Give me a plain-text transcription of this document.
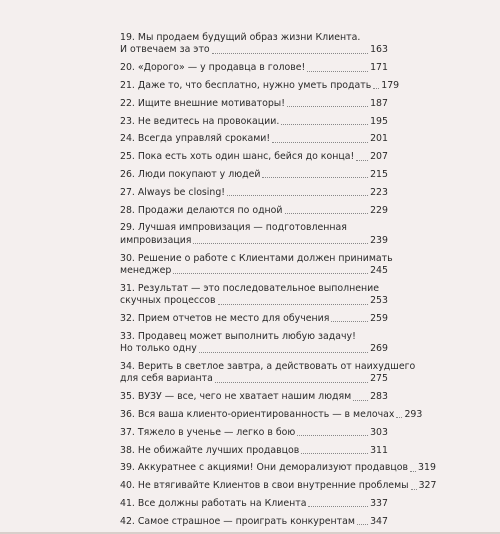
19. Мы продаем будущий образ жизни Клиента.
И отвечаем за это	163
20. «Дорого» — у продавца в голове!	171
21. Даже то, что бесплатно, нужно уметь продать 179
22. Ищите внешние мотиваторы!	187
23. Не ведитесь на провокации.	195
24. Всегда управляй сроками!	201
25. Пока есть хоть один шанс, бейся до конца! 207
26. Люди покупают у людей	215
27. Always be closing!	223
28. Продажи делаются по одной	229
29. Лучшая импровизация — подготовленная
импровизация	239
30. Решение о работе с Клиентами должен принимать
менеджер	245
31. Результат — это последовательное выполнение
скучных процессов	253
32. Прием отчетов не место для обучения	259
33. Продавец может выполнить любую задачу!
Но только одну	269
34. Верить в светлое завтра, а действовать от наихудшего
для себя варианта	275
35. ВУЗУ — все, чего не хватает нашим людям 283
36. Вся ваша клиенто-ориентированность — в мелочах 293
37. Тяжело в ученье — легко в бою	303
38. Не обижайте лучших продавцов	311
39. Аккуратнее с акциями! Они деморализуют продавцов 319
40. Не втягивайте Клиентов в свои внутренние проблемы 327
41. Все должны работать на Клиента	337
42. Самое страшное — проиграть конкурентам 347
